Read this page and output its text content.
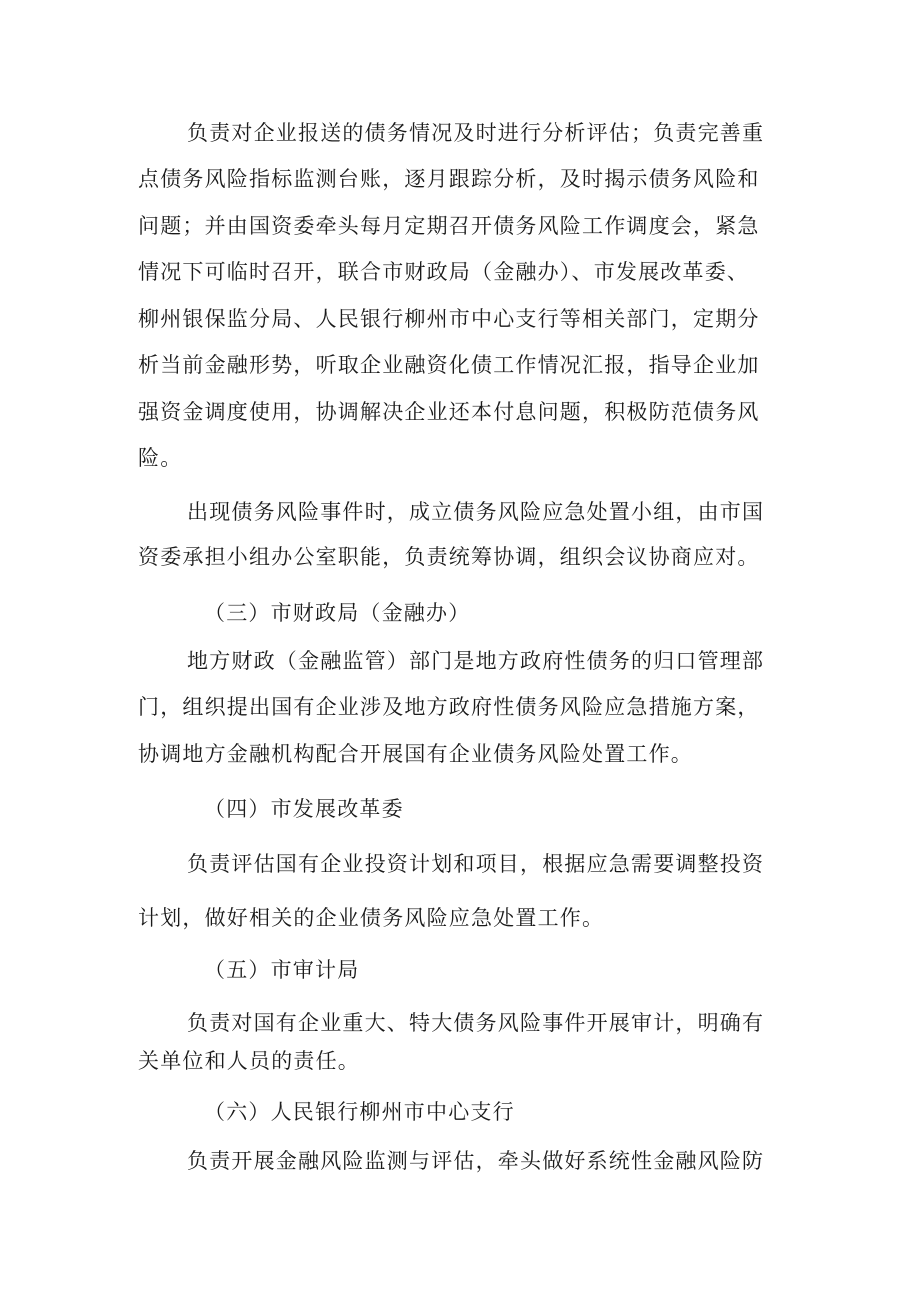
负责对企业报送的债务情况及时进行分析评估；负责完善重
点债务风险指标监测台账，逐月跟踪分析，及时揭示债务风险和
问题；并由国资委牵头每月定期召开债务风险工作调度会，紧急
情况下可临时召开，联合市财政局（金融办）、市发展改革委、
柳州银保监分局、人民银行柳州市中心支行等相关部门，定期分
析当前金融形势，听取企业融资化债工作情况汇报，指导企业加
强资金调度使用，协调解决企业还本付息问题，积极防范债务风
险。
出现债务风险事件时，成立债务风险应急处置小组，由市国
资委承担小组办公室职能，负责统筹协调，组织会议协商应对。
（三）市财政局（金融办）
地方财政（金融监管）部门是地方政府性债务的归口管理部
门，组织提出国有企业涉及地方政府性债务风险应急措施方案，
协调地方金融机构配合开展国有企业债务风险处置工作。
（四）市发展改革委
负责评估国有企业投资计划和项目，根据应急需要调整投资
计划，做好相关的企业债务风险应急处置工作。
（五）市审计局
负责对国有企业重大、特大债务风险事件开展审计，明确有
关单位和人员的责任。
（六）人民银行柳州市中心支行
负责开展金融风险监测与评估，牵头做好系统性金融风险防
